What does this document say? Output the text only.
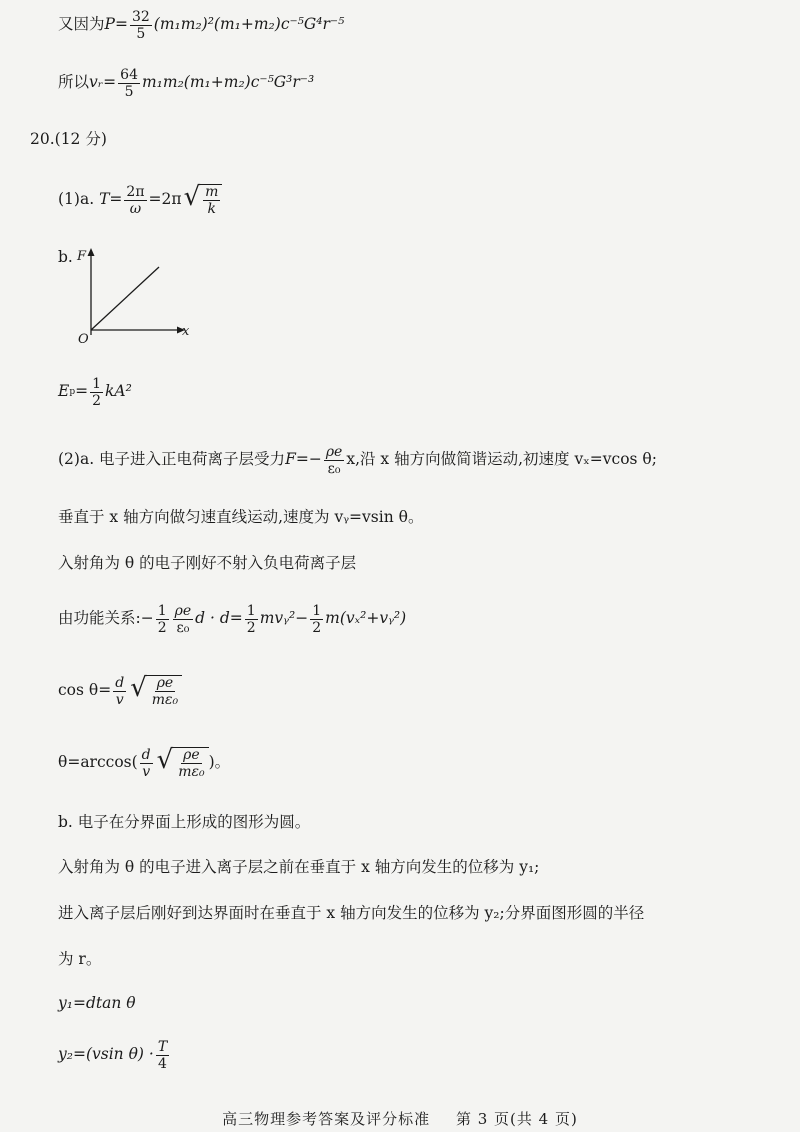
又因为 $P = \frac{32}{5} (m_1m_2)^2(m_1+m_2)c^{-5}G^4r^{-5}$
所以 vᵣ = $\frac{64}{5} m_1m_2(m_1+m_2)c^{-5}G^3r^{-3}$
20.(12 分)
(1)a.
$T = \frac{2\pi}{\omega} =2\pi$ √ $\frac{m}{k}$
b. F
O
x
E $p = \frac{1}{2} kA^2$
(2)a. 电子进入正电荷离子层受力 $F =- \frac{\rho e}{\text{ε₀}} x$,沿 x 轴方向做简谐运动,初速度 vₓ=vcos θ;
垂直于 x 轴方向做匀速直线运动,速度为 vᵧ=vsin θ。
入射角为 θ 的电子刚好不射入负电荷离子层
由功能关系:− $\frac{1}{2} \frac{\rho e}{\text{ε₀}}$ $d \cdot d= \frac{1}{2}$ mvᵧ²− $\frac{1}{2}$ m(vₓ²+vᵧ²)
$\cos \theta= \frac{d}{v}$ √ $\frac{\rho e}{\text{mε₀}}$
$\theta=\arccos( \frac{d}{v}$ √ $\frac{\rho e}{\text{mε₀}}$ )。
b. 电子在分界面上形成的图形为圆。
入射角为 θ 的电子进入离子层之前在垂直于 x 轴方向发生的位移为 y₁;
进入离子层后刚好到达界面时在垂直于 x 轴方向发生的位移为 y₂;分界面图形圆的半径
为 r。
y₁=dtan θ
y₂=(vsin $\theta) \cdot \frac{T}{4}$
高三物理参考答案及评分标准 第 3 页(共 4 页)
